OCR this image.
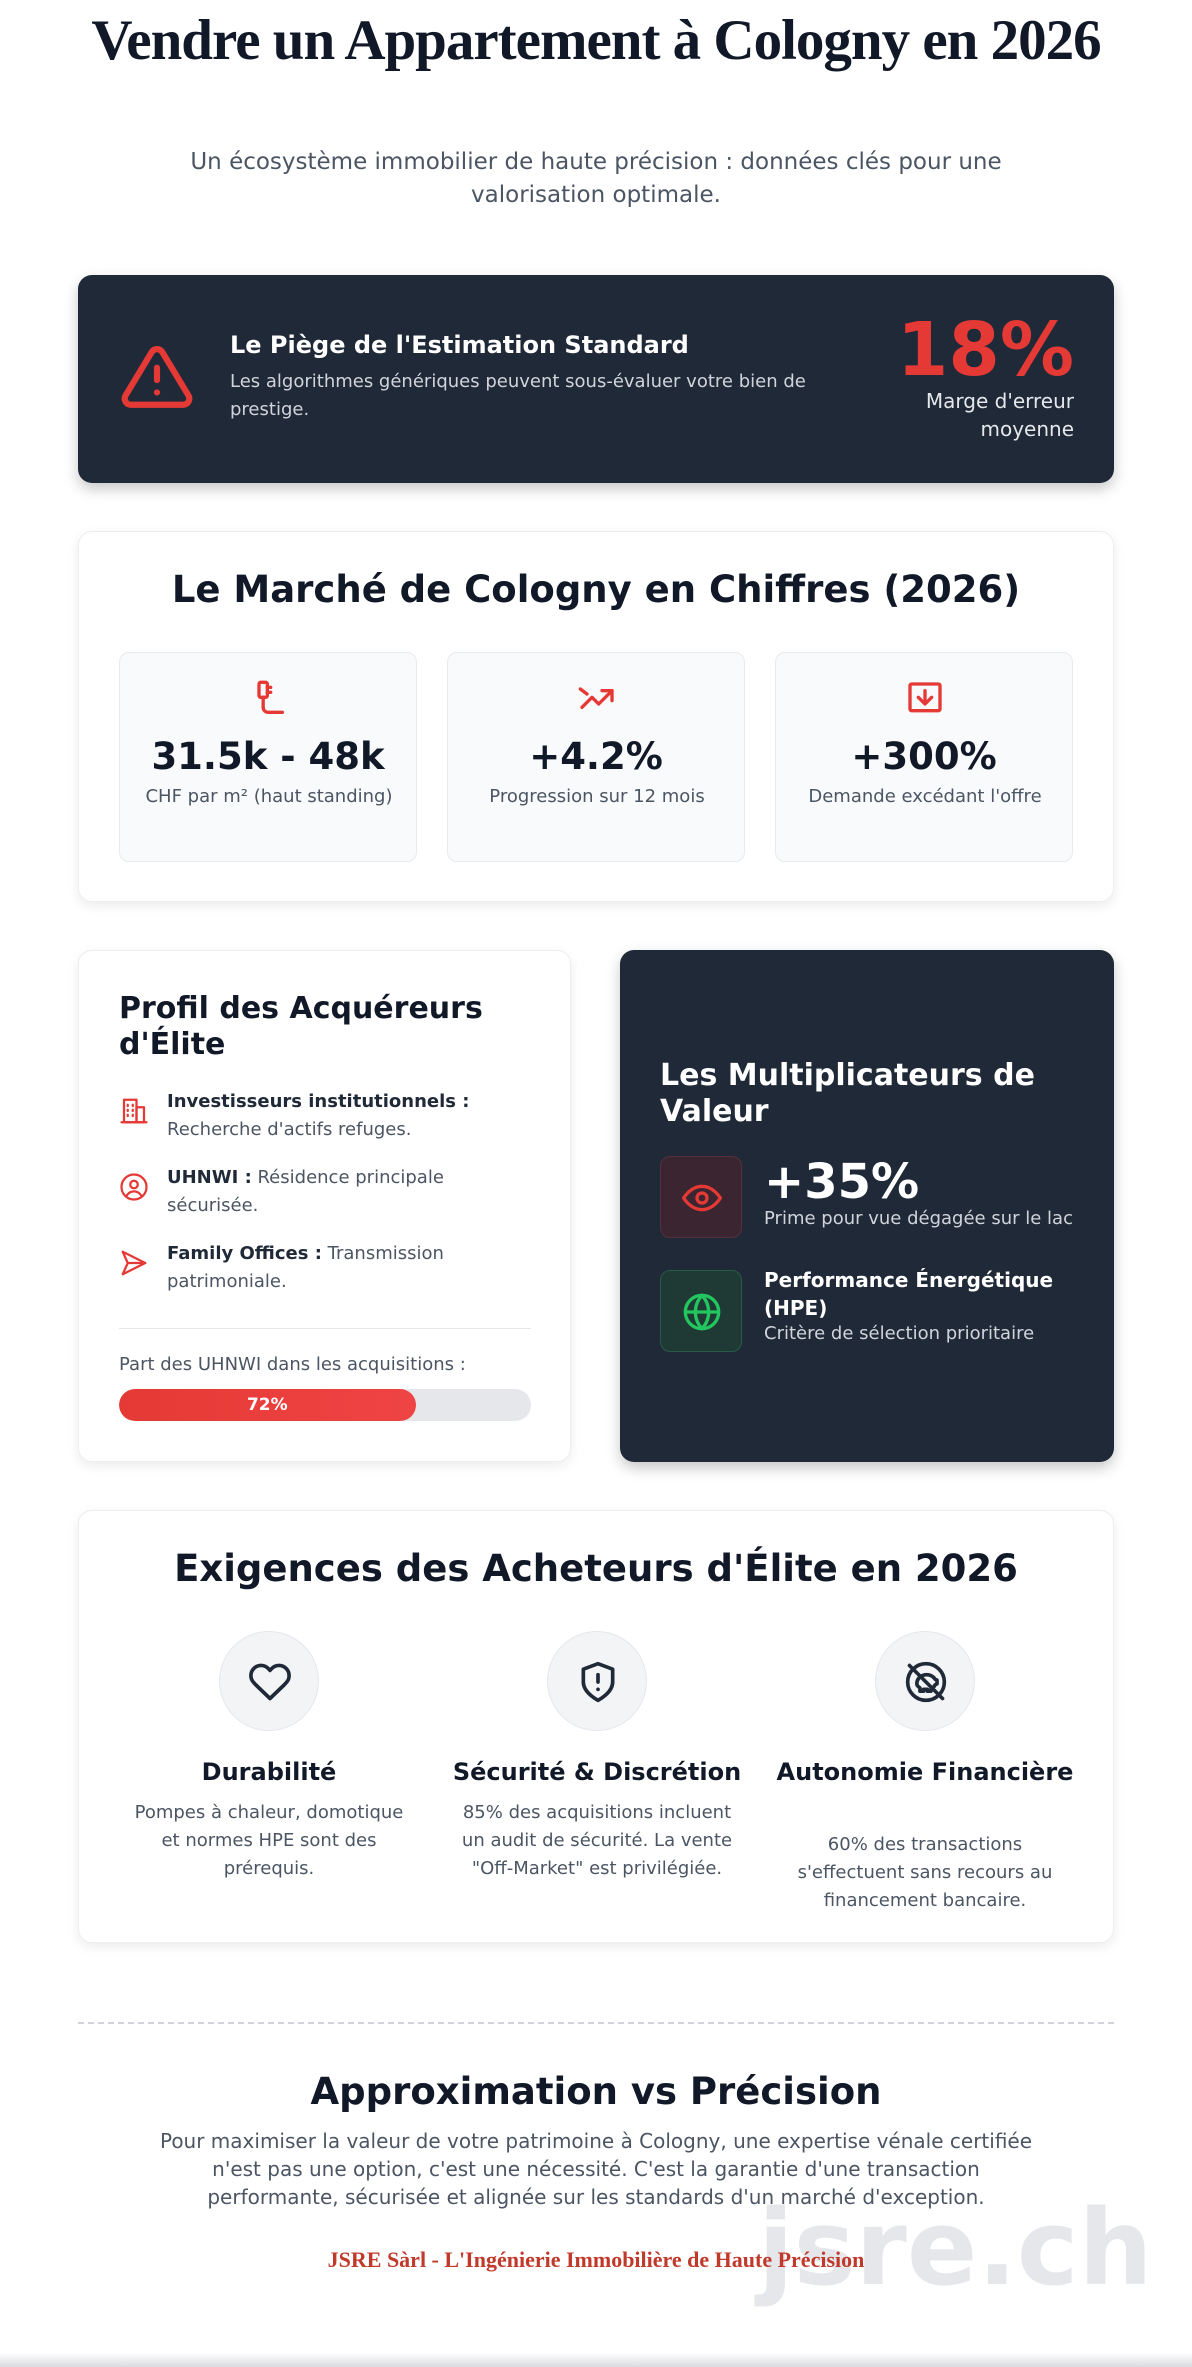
Vendre un Appartement à Cologny en 2026

Un écosystème immobilier de haute précision : données clés pour une valorisation optimale.

Le Piège de l'Estimation Standard

Les algorithmes génériques peuvent sous-évaluer votre bien de prestige.

18%
Marge d'erreur moyenne
Le Marché de Cologny en Chiffres (2026)
31.5k - 48k
CHF par m² (haut standing)
+4.2%
Progression sur 12 mois
+300%
Demande excédant l'offre
Profil des Acquéreurs d'Élite

Investisseurs institutionnels : Recherche d'actifs refuges.

UHNWI : Résidence principale sécurisée.

Family Offices : Transmission patrimoniale.

Part des UHNWI dans les acquisitions :
72%
Les Multiplicateurs de Valeur
+35%
Prime pour vue dégagée sur le lac
Performance Énergétique (HPE)
Critère de sélection prioritaire
Exigences des Acheteurs d'Élite en 2026
Durabilité

Pompes à chaleur, domotique et normes HPE sont des prérequis.

Sécurité & Discrétion

85% des acquisitions incluent un audit de sécurité. La vente "Off-Market" est privilégiée.

Autonomie Financière

60% des transactions s'effectuent sans recours au financement bancaire.

Approximation vs Précision

Pour maximiser la valeur de votre patrimoine à Cologny, une expertise vénale certifiée n'est pas une option, c'est une nécessité. C'est la garantie d'une transaction performante, sécurisée et alignée sur les standards d'un marché d'exception.

jsre.ch
JSRE Sàrl - L'Ingénierie Immobilière de Haute Précision
